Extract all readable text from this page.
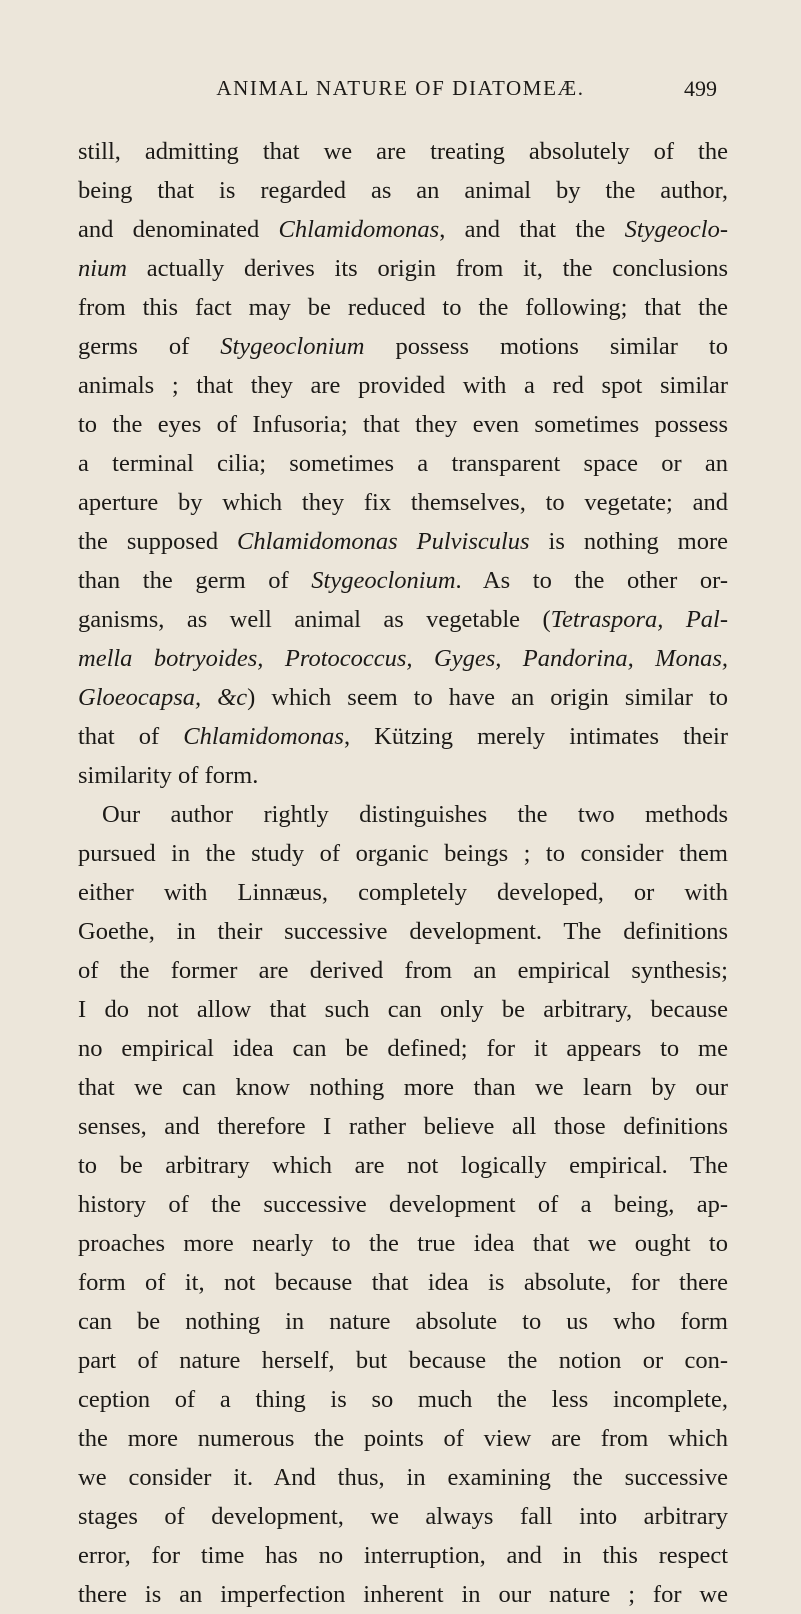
ANIMAL NATURE OF DIATOMEÆ.	499
still, admitting that we are treating absolutely of the
being that is regarded as an animal by the author,
and denominated Chlamidomonas, and that the Stygeoclo-
nium actually derives its origin from it, the conclusions
from this fact may be reduced to the following; that the
germs of Stygeoclonium possess motions similar to
animals ; that they are provided with a red spot similar
to the eyes of Infusoria; that they even sometimes possess
a terminal cilia; sometimes a transparent space or an
aperture by which they fix themselves, to vegetate; and
the supposed Chlamidomonas Pulvisculus is nothing more
than the germ of Stygeoclonium. As to the other or-
ganisms, as well animal as vegetable (Tetraspora, Pal-
mella botryoides, Protococcus, Gyges, Pandorina, Monas,
Gloeocapsa, &c) which seem to have an origin similar to
that of Chlamidomonas, Kützing merely intimates their
similarity of form.
Our author rightly distinguishes the two methods
pursued in the study of organic beings ; to consider them
either with Linnæus, completely developed, or with
Goethe, in their successive development. The definitions
of the former are derived from an empirical synthesis;
I do not allow that such can only be arbitrary, because
no empirical idea can be defined; for it appears to me
that we can know nothing more than we learn by our
senses, and therefore I rather believe all those definitions
to be arbitrary which are not logically empirical. The
history of the successive development of a being, ap-
proaches more nearly to the true idea that we ought to
form of it, not because that idea is absolute, for there
can be nothing in nature absolute to us who form
part of nature herself, but because the notion or con-
ception of a thing is so much the less incomplete,
the more numerous the points of view are from which
we consider it. And thus, in examining the successive
stages of development, we always fall into arbitrary
error, for time has no interruption, and in this respect
there is an imperfection inherent in our nature ; for we
